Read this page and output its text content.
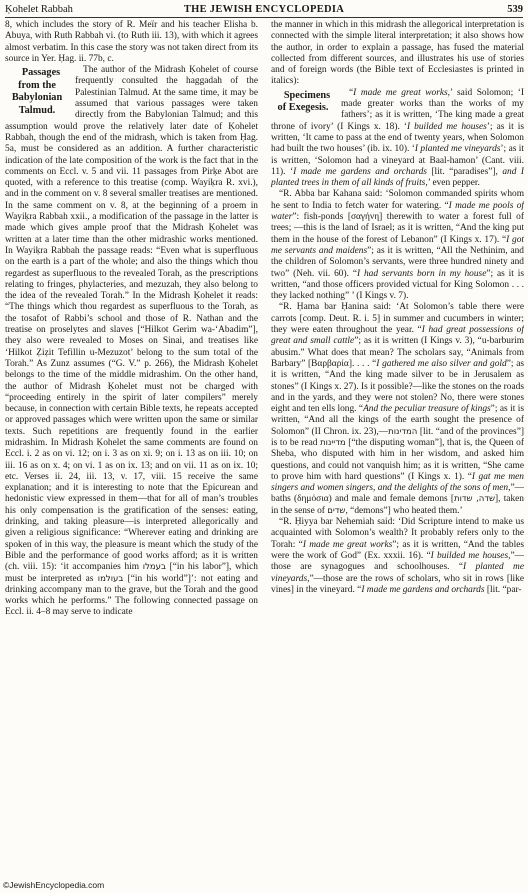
Ḳohelet Rabbah	THE JEWISH ENCYCLOPEDIA	539

8, which includes the story of R. Meïr and his teacher Elisha b. Abuya, with Ruth Rabbah vi. (to Ruth iii. 13), with which it agrees almost verbatim. In this case the story was not taken direct from its source in Yer. Ḥag. ii. 77b, c.

Passages from the Babylonian Talmud.
The author of the Midrash Ḳohelet of course frequently consulted the haggadah of the Palestinian Talmud. At the same time, it may be assumed that various passages were taken directly from the Babylonian Talmud; and this assumption would prove the relatively later date of Ḳohelet Rabbah, though the end of the midrash, which is taken from Ḥag. 5a, must be considered as an addition. A further characteristic indication of the late composition of the work is the fact that in the comments on Eccl. v. 5 and vii. 11 passages from Pirḳe Abot are quoted, with a reference to this treatise (comp. Wayiḳra R. xvi.), and in the comment on v. 8 several smaller treatises are mentioned. In the same comment on v. 8, at the beginning of a proem in Wayiḳra Rabbah xxii., a modification of the passage in the latter is made which gives ample proof that the Midrash Ḳohelet was written at a later time than the other midrashic works mentioned. In Wayiḳra Rabbah the passage reads: “Even what is superfluous on the earth is a part of the whole; and also the things which thou regardest as superfluous to the revealed Torah, as the prescriptions relating to fringes, phylacteries, and mezuzah, they also belong to the idea of the revealed Torah.” In the Midrash Ḳohelet it reads: “The things which thou regardest as superfluous to the Torah, as the tosafot of Rabbi’s school and those of R. Nathan and the treatise on proselytes and slaves [“Hilkot Gerim wa-‘Abadim”], they also were revealed to Moses on Sinai, and treatises like ‘Hilkot Ẓiẓit Tefillin u-Mezuzot’ belong to the sum total of the Torah.” As Zunz assumes (“G. V.” p. 266), the Midrash Ḳohelet belongs to the time of the middle midrashim. On the other hand, the author of Midrash Ḳohelet must not be charged with “proceeding entirely in the spirit of later compilers” merely because, in connection with certain Bible texts, he repeats accepted or approved passages which were written upon the same or similar texts. Such repetitions are frequently found in the earlier midrashim. In Midrash Ḳohelet the same comments are found on Eccl. i. 2 as on vi. 12; on i. 3 as on xi. 9; on i. 13 as on iii. 10; on iii. 16 as on x. 4; on vi. 1 as on ix. 13; and on vii. 11 as on ix. 10; etc. Verses ii. 24, iii. 13, v. 17, viii. 15 receive the same explanation; and it is interesting to note that the Epicurean and hedonistic view expressed in them—that for all of man’s troubles his only compensation is the gratification of the senses: eating, drinking, and taking pleasure—is interpreted allegorically and given a religious significance: “Wherever eating and drinking are spoken of in this way, the pleasure is meant which the study of the Bible and the performance of good works afford; as it is written (ch. viii. 15): ‘it accompanies him בעמלו [“in his labor”], which must be interpreted as בעולמו [“in his world”]’: not eating and drinking accompany man to the grave, but the Torah and the good works which he performs.” The following connected passage on Eccl. ii. 4–8 may serve to indicate

the manner in which in this midrash the allegorical interpretation is connected with the simple literal interpretation; it also shows how the author, in order to explain a passage, has fused the material collected from different sources, and illustrates his use of stories and of foreign words (the Bible text of Ecclesiastes is printed in italics):

“I made me great works,
Specimens of Exegesis.
’ said Solomon; ‘I made greater works than the works of my fathers’; as it is written, ‘The king made a great throne of ivory’ (I Kings x. 18). ‘I builded me houses’; as it is written, ‘It came to pass at the end of twenty years, when Solomon had built the two houses’ (ib. ix. 10). ‘I planted me vineyards’; as it is written, ‘Solomon had a vineyard at Baal-hamon’ (Cant. viii. 11). ‘I made me gardens and orchards [lit. “paradises”], and I planted trees in them of all kinds of fruits,’ even pepper.

“R. Abba bar Kahana said: ‘Solomon commanded spirits whom he sent to India to fetch water for watering. “I made me pools of water”: fish-ponds [σαγήνη] therewith to water a forest full of trees; —this is the land of Israel; as it is written, “And the king put them in the house of the forest of Lebanon” (I Kings x. 17). “I got me servants and maidens”; as it is written, “All the Nethinim, and the children of Solomon’s servants, were three hundred ninety and two” (Neh. vii. 60). “I had servants born in my house”; as it is written, “and those officers provided victual for King Solomon . . . they lacked nothing” ’ (I Kings v. 7).

“R. Ḥama bar Ḥanina said: ‘At Solomon’s table there were carrots [comp. Deut. R. i. 5] in summer and cucumbers in winter; they were eaten throughout the year. “I had great possessions of great and small cattle”; as it is written (I Kings v. 3), “u-barburim abusim.” What does that mean? The scholars say, “Animals from Barbary” [Βαρβαρία]. . . . “I gathered me also silver and gold”; as it is written, “And the king made silver to be in Jerusalem as stones” (I Kings x. 27). Is it possible?—like the stones on the roads and in the yards, and they were not stolen? No, there were stones eight and ten ells long. “And the peculiar treasure of kings”; as it is written, “And all the kings of the earth sought the presence of Solomon” (II Chron. ix. 23),—המדינות [lit. “and of the provinces”] is to be read מדיינות [“the disputing woman”], that is, the Queen of Sheba, who disputed with him in her wisdom, and asked him questions, and could not vanquish him; as it is written, “She came to prove him with hard questions” (I Kings x. 1). “I gat me men singers and women singers, and the delights of the sons of men,”—baths (δημόσια) and male and female demons [שדה, שדות], taken in the sense of שדים, “demons”] who heated them.’

“R. Ḥiyya bar Nehemiah said: ‘Did Scripture intend to make us acquainted with Solomon’s wealth? It probably refers only to the Torah: “I made me great works”; as it is written, “And the tables were the work of God” (Ex. xxxii. 16). “I builded me houses,”—those are synagogues and schoolhouses. “I planted me vineyards,”—those are the rows of scholars, who sit in rows [like vines] in the vineyard. “I made me gardens and orchards [lit. “par-

©JewishEncyclopedia.com
